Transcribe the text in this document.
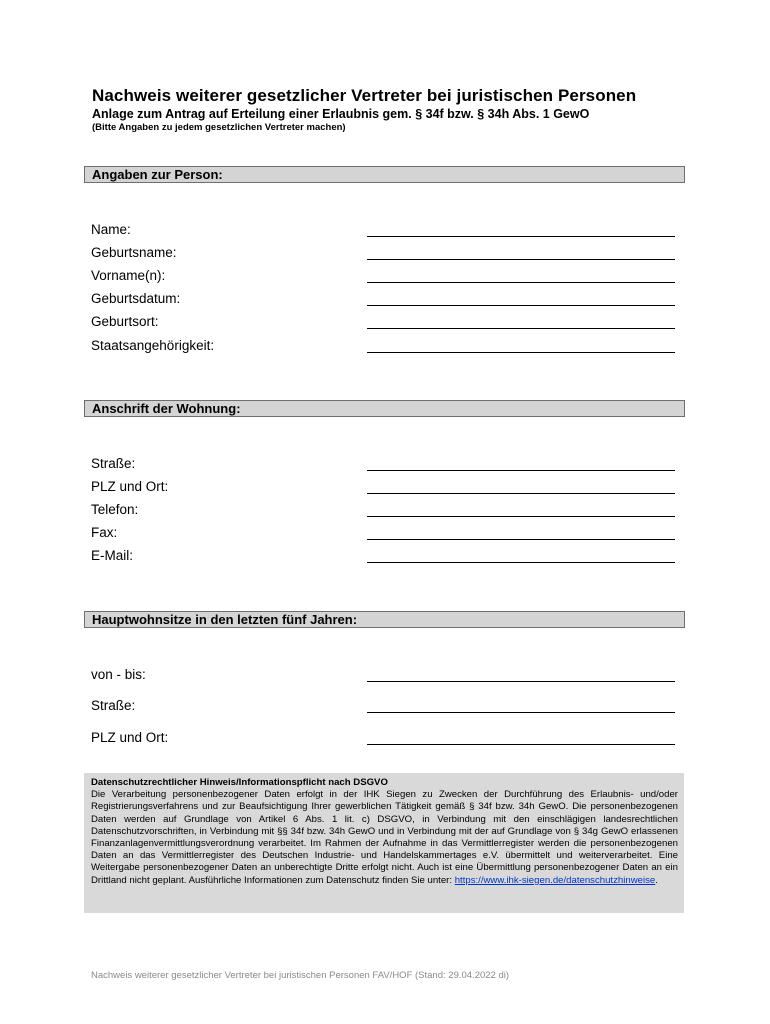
Nachweis weiterer gesetzlicher Vertreter bei juristischen Personen
Anlage zum Antrag auf Erteilung einer Erlaubnis gem. § 34f bzw. § 34h Abs. 1 GewO
(Bitte Angaben zu jedem gesetzlichen Vertreter machen)
Angaben zur Person:
Name:
Geburtsname:
Vorname(n):
Geburtsdatum:
Geburtsort:
Staatsangehörigkeit:
Anschrift der Wohnung:
Straße:
PLZ und Ort:
Telefon:
Fax:
E-Mail:
Hauptwohnsitze in den letzten fünf Jahren:
von - bis:
Straße:
PLZ und Ort:
Datenschutzrechtlicher Hinweis/Informationspflicht nach DSGVO
Die Verarbeitung personenbezogener Daten erfolgt in der IHK Siegen zu Zwecken der Durchführung des Erlaubnis- und/oder Registrierungsverfahrens und zur Beaufsichtigung Ihrer gewerblichen Tätigkeit gemäß § 34f bzw. 34h GewO. Die personenbezogenen Daten werden auf Grundlage von Artikel 6 Abs. 1 lit. c) DSGVO, in Verbindung mit den einschlägigen landesrechtlichen Datenschutzvorschriften, in Verbindung mit §§ 34f bzw. 34h GewO und in Verbindung mit der auf Grundlage von § 34g GewO erlassenen Finanzanlagenvermittlungsverordnung verarbeitet. Im Rahmen der Aufnahme in das Vermittlerregister werden die personenbezogenen Daten an das Vermittlerregister des Deutschen Industrie- und Handelskammertages e.V. übermittelt und weiterverarbeitet. Eine Weitergabe personenbezogener Daten an unberechtigte Dritte erfolgt nicht. Auch ist eine Übermittlung personenbezogener Daten an ein Drittland nicht geplant. Ausführliche Informationen zum Datenschutz finden Sie unter: https://www.ihk-siegen.de/datenschutzhinweise.
Nachweis weiterer gesetzlicher Vertreter bei juristischen Personen FAV/HOF (Stand: 29.04.2022 di)
